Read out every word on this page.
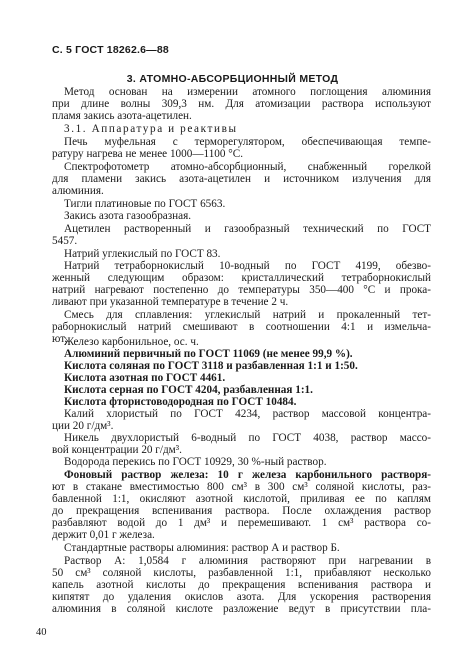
С. 5 ГОСТ 18262.6—88
3. АТОМНО-АБСОРБЦИОННЫЙ МЕТОД
Метод основан на измерении атомного поглощения алюминия
при длине волны 309,3 нм. Для атомизации раствора используют
пламя закись азота-ацетилен.
3.1. Аппаратура и реактивы
Печь муфельная с терморегулятором, обеспечивающая темпе-
ратуру нагрева не менее 1000—1100 °С.
Спектрофотометр атомно-абсорбционный, снабженный горелкой
для пламени закись азота-ацетилен и источником излучения для
алюминия.
Тигли платиновые по ГОСТ 6563.
Закись азота газообразная.
Ацетилен растворенный и газообразный технический по ГОСТ
5457.
Натрий углекислый по ГОСТ 83.
Натрий тетраборнокислый 10-водный по ГОСТ 4199, обезво-
женный следующим образом: кристаллический тетраборнокислый
натрий нагревают постепенно до температуры 350—400 °С и прока-
ливают при указанной температуре в течение 2 ч.
Смесь для сплавления: углекислый натрий и прокаленный тет-
раборнокислый натрий смешивают в соотношении 4:1 и измельча-
ют.
Железо карбонильное, ос. ч.
Алюминий первичный по ГОСТ 11069 (не менее 99,9 %).
Кислота соляная по ГОСТ 3118 и разбавленная 1:1 и 1:50.
Кислота азотная по ГОСТ 4461.
Кислота серная по ГОСТ 4204, разбавленная 1:1.
Кислота фтористоводородная по ГОСТ 10484.
Калий хлористый по ГОСТ 4234, раствор массовой концентра-
ции 20 г/дм³.
Никель двухлористый 6-водный по ГОСТ 4038, раствор массо-
вой концентрации 20 г/дм³.
Водорода перекись по ГОСТ 10929, 30 %-ный раствор.
Фоновый раствор железа: 10 г железа карбонильного растворя-
ют в стакане вместимостью 800 см³ в 300 см³ соляной кислоты, раз-
бавленной 1:1, окисляют азотной кислотой, приливая ее по каплям
до прекращения вспенивания раствора. После охлаждения раствор
разбавляют водой до 1 дм³ и перемешивают. 1 см³ раствора со-
держит 0,01 г железа.
40
Стандартные растворы алюминия: раствор А и раствор Б.
Раствор А: 1,0584 г алюминия растворяют при нагревании в
50 см³ соляной кислоты, разбавленной 1:1, прибавляют несколько
капель азотной кислоты до прекращения вспенивания раствора и
кипятят до удаления окислов азота. Для ускорения растворения
алюминия в соляной кислоте разложение ведут в присутствии пла-
